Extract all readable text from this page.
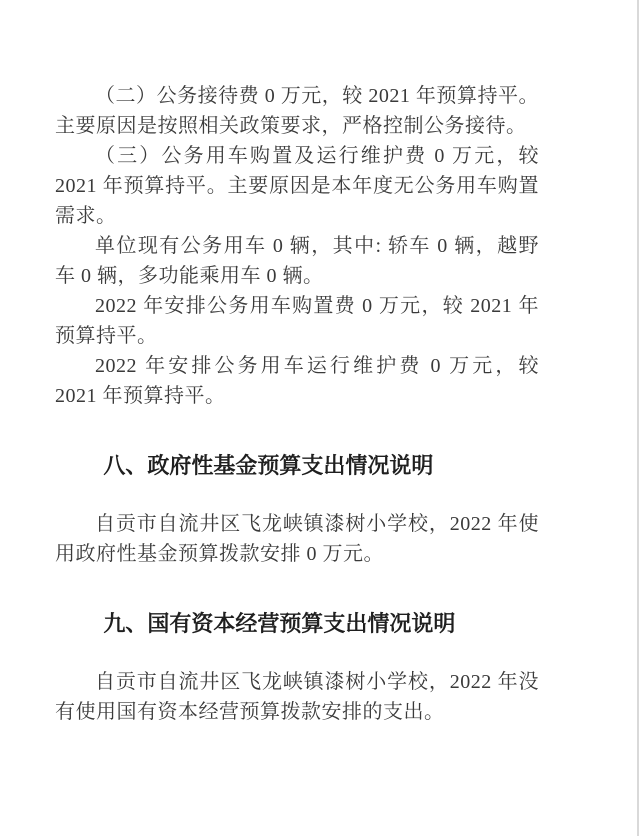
（二）公务接待费 0 万元，较 2021 年预算持平。主要原因是按照相关政策要求，严格控制公务接待。

（三）公务用车购置及运行维护费 0 万元，较 2021 年预算持平。主要原因是本年度无公务用车购置需求。

单位现有公务用车 0 辆，其中: 轿车 0 辆，越野车 0 辆，多功能乘用车 0 辆。

2022 年安排公务用车购置费 0 万元，较 2021 年预算持平。

2022 年安排公务用车运行维护费 0 万元，较 2021 年预算持平。

八、政府性基金预算支出情况说明

自贡市自流井区飞龙峡镇漆树小学校，2022 年使用政府性基金预算拨款安排 0 万元。

九、国有资本经营预算支出情况说明

自贡市自流井区飞龙峡镇漆树小学校，2022 年没有使用国有资本经营预算拨款安排的支出。
